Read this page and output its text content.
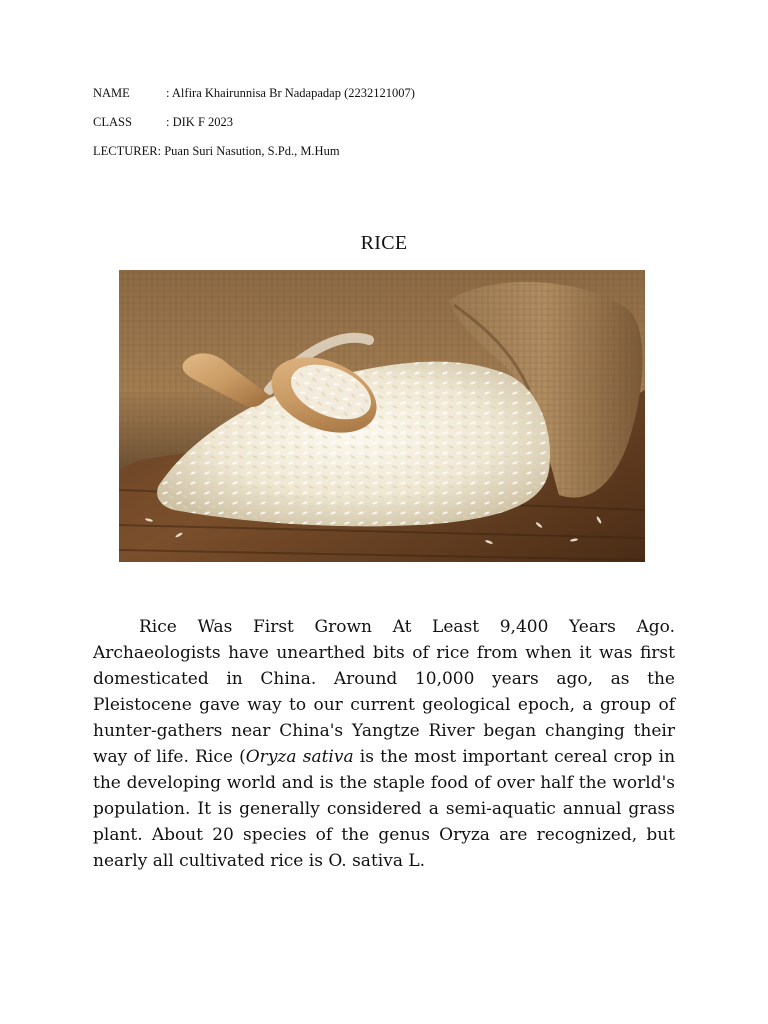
NAME	: Alfira Khairunnisa Br Nadapadap (2232121007)
CLASS	: DIK F 2023
LECTURER: Puan Suri Nasution, S.Pd., M.Hum
RICE

Rice Was First Grown At Least 9,400 Years Ago. Archaeologists have unearthed bits of rice from when it was first domesticated in China. Around 10,000 years ago, as the Pleistocene gave way to our current geological epoch, a group of hunter-gathers near China's Yangtze River began changing their way of life. Rice (Oryza sativa is the most important cereal crop in the developing world and is the staple food of over half the world's population. It is generally considered a semi-aquatic annual grass plant. About 20 species of the genus Oryza are recognized, but nearly all cultivated rice is O. sativa L.
